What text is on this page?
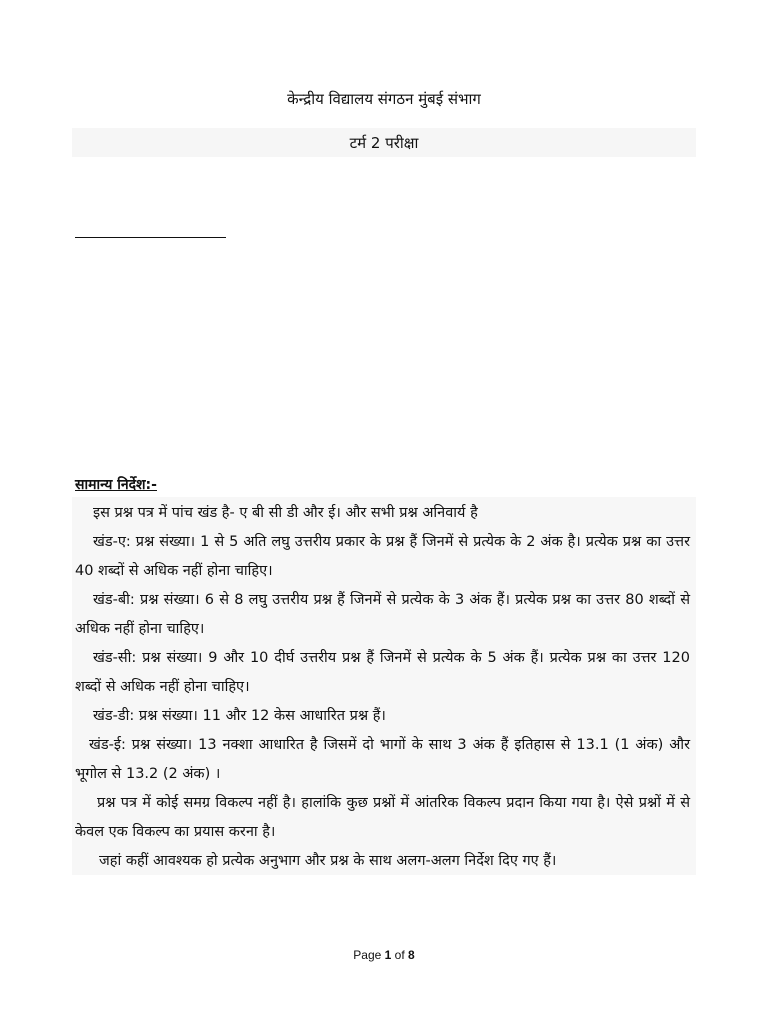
केन्द्रीय विद्यालय संगठन मुंबई संभाग
टर्म 2 परीक्षा
सामान्य निर्देश:-
इस प्रश्न पत्र में पांच खंड है- ए बी सी डी और ई। और सभी प्रश्न अनिवार्य है
खंड-ए: प्रश्न संख्या। 1 से 5 अति लघु उत्तरीय प्रकार के प्रश्न हैं जिनमें से प्रत्येक के 2 अंक है। प्रत्येक प्रश्न का उत्तर 40 शब्दों से अधिक नहीं होना चाहिए।
खंड-बी: प्रश्न संख्या। 6 से 8 लघु उत्तरीय प्रश्न हैं जिनमें से प्रत्येक के 3 अंक हैं। प्रत्येक प्रश्न का उत्तर 80 शब्दों से अधिक नहीं होना चाहिए।
खंड-सी: प्रश्न संख्या। 9 और 10 दीर्घ उत्तरीय प्रश्न हैं जिनमें से प्रत्येक के 5 अंक हैं। प्रत्येक प्रश्न का उत्तर 120 शब्दों से अधिक नहीं होना चाहिए।
खंड-डी: प्रश्न संख्या। 11 और 12 केस आधारित प्रश्न हैं।
खंड-ई: प्रश्न संख्या। 13 नक्शा आधारित है जिसमें दो भागों के साथ 3 अंक हैं इतिहास से 13.1 (1 अंक) और भूगोल से 13.2 (2 अंक) ।
प्रश्न पत्र में कोई समग्र विकल्प नहीं है। हालांकि कुछ प्रश्नों में आंतरिक विकल्प प्रदान किया गया है। ऐसे प्रश्नों में से केवल एक विकल्प का प्रयास करना है।
जहां कहीं आवश्यक हो प्रत्येक अनुभाग और प्रश्न के साथ अलग-अलग निर्देश दिए गए हैं।
Page 1 of 8
